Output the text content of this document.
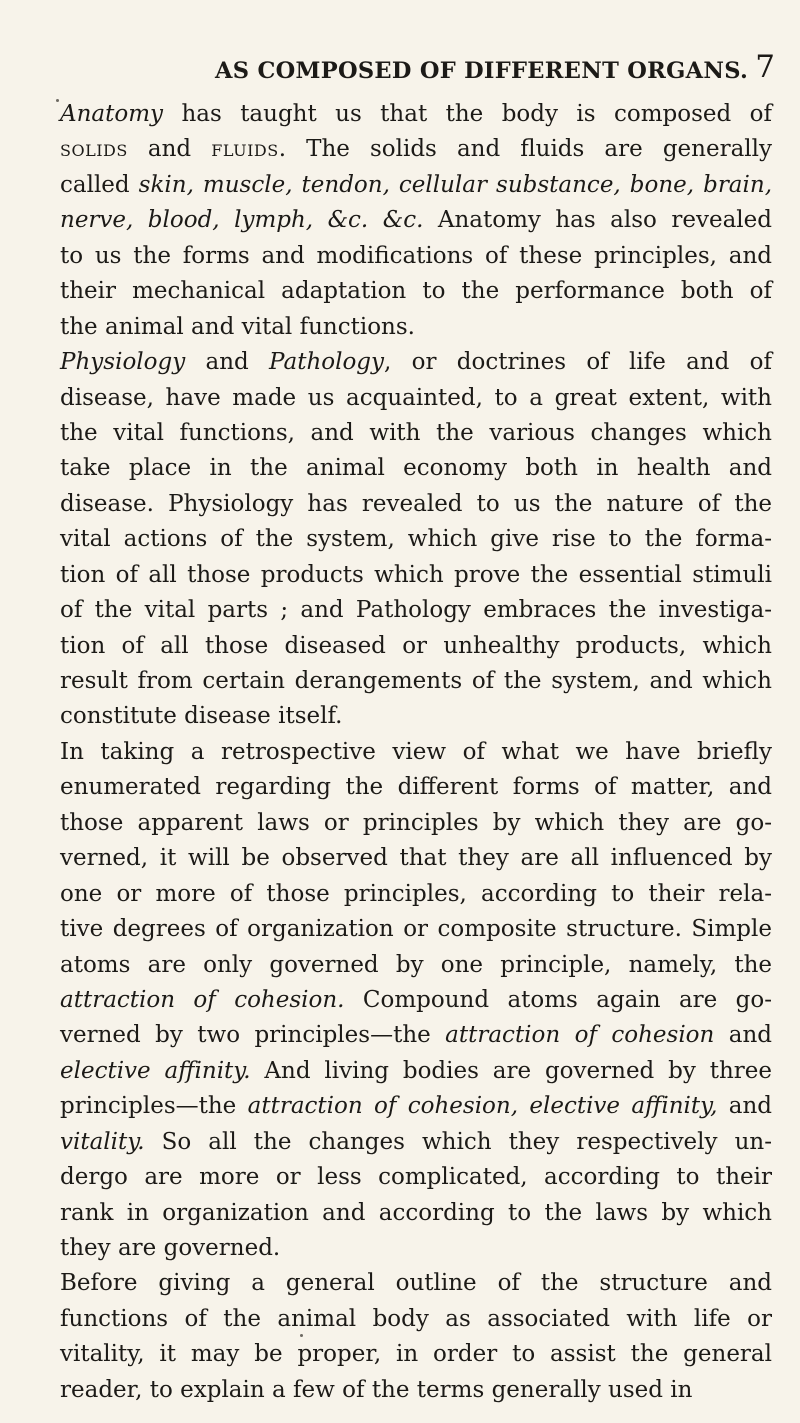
AS COMPOSED OF DIFFERENT ORGANS. 7
Anatomy has taught us that the body is composed of
solids and fluids. The solids and fluids are generally
called skin, muscle, tendon, cellular substance, bone, brain,
nerve, blood, lymph, &c. &c. Anatomy has also revealed
to us the forms and modifications of these principles, and
their mechanical adaptation to the performance both of
the animal and vital functions.
Physiology and Pathology, or doctrines of life and of
disease, have made us acquainted, to a great extent, with
the vital functions, and with the various changes which
take place in the animal economy both in health and
disease. Physiology has revealed to us the nature of the
vital actions of the system, which give rise to the forma-
tion of all those products which prove the essential stimuli
of the vital parts ; and Pathology embraces the investiga-
tion of all those diseased or unhealthy products, which
result from certain derangements of the system, and which
constitute disease itself.
In taking a retrospective view of what we have briefly
enumerated regarding the different forms of matter, and
those apparent laws or principles by which they are go-
verned, it will be observed that they are all influenced by
one or more of those principles, according to their rela-
tive degrees of organization or composite structure. Simple
atoms are only governed by one principle, namely, the
attraction of cohesion. Compound atoms again are go-
verned by two principles—the attraction of cohesion and
elective affinity. And living bodies are governed by three
principles—the attraction of cohesion, elective affinity, and
vitality. So all the changes which they respectively un-
dergo are more or less complicated, according to their
rank in organization and according to the laws by which
they are governed.
Before giving a general outline of the structure and
functions of the animal body as associated with life or
vitality, it may be proper, in order to assist the general
reader, to explain a few of the terms generally used in
